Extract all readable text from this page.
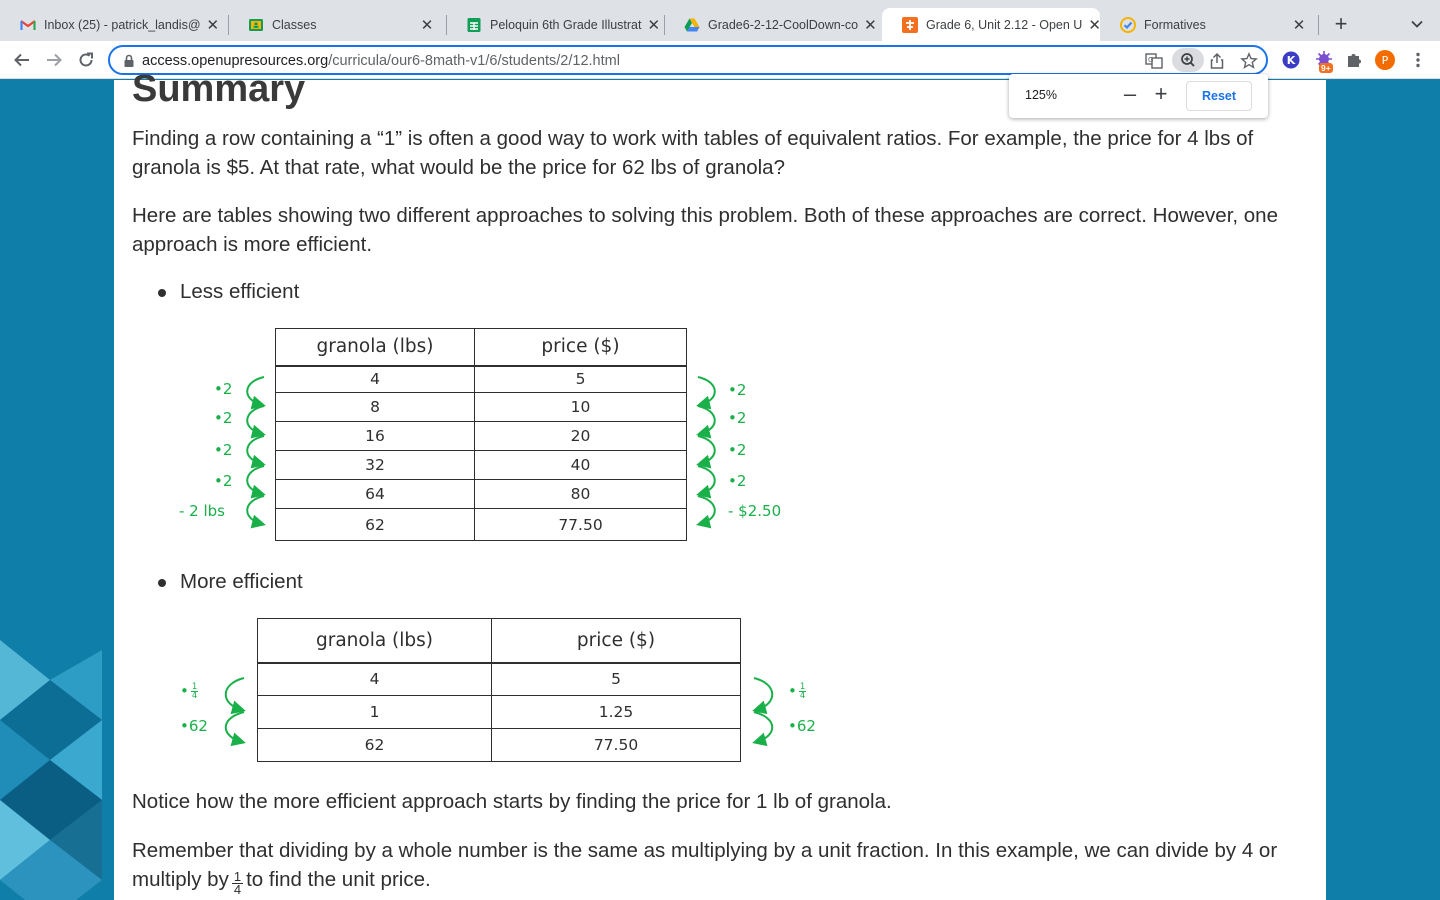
Inbox (25) - patrick_landis@ ✕	Classes	✕	Peloquin 6th Grade Illustrat ✕	Grade6-2-12-CoolDown-co ✕	Grade 6, Unit 2.12 - Open U ✕	Formatives	✕ +
access.openupresources.org/curricula/our6-8math-v1/6/students/2/12.html	G	K
9+
P
125%	– +	Reset
Summary

Finding a row containing a “1” is often a good way to work with tables of equivalent ratios. For example, the price for 4 lbs of granola is $5. At that rate, what would be the price for 62 lbs of granola?

Here are tables showing two different approaches to solving this problem. Both of these approaches are correct. However, one approach is more efficient.

Less efficient
granola (lbs)	price ($)
4	5
8	10
16	20
32	40
64	80
62	77.50
•2
•2
•2
•2
- 2 lbs
•2
•2
•2
•2
- $2.50
More efficient
granola (lbs)	price ($)
4	5
1	1.25
62	77.50
• $\frac{1}{4}$
•62
• $\frac{1}{4}$
•62

Notice how the more efficient approach starts by finding the price for 1 lb of granola.

Remember that dividing by a whole number is the same as multiplying by a unit fraction. In this example, we can divide by 4 or multiply by $\frac{1}{4}$ to find the unit price.
